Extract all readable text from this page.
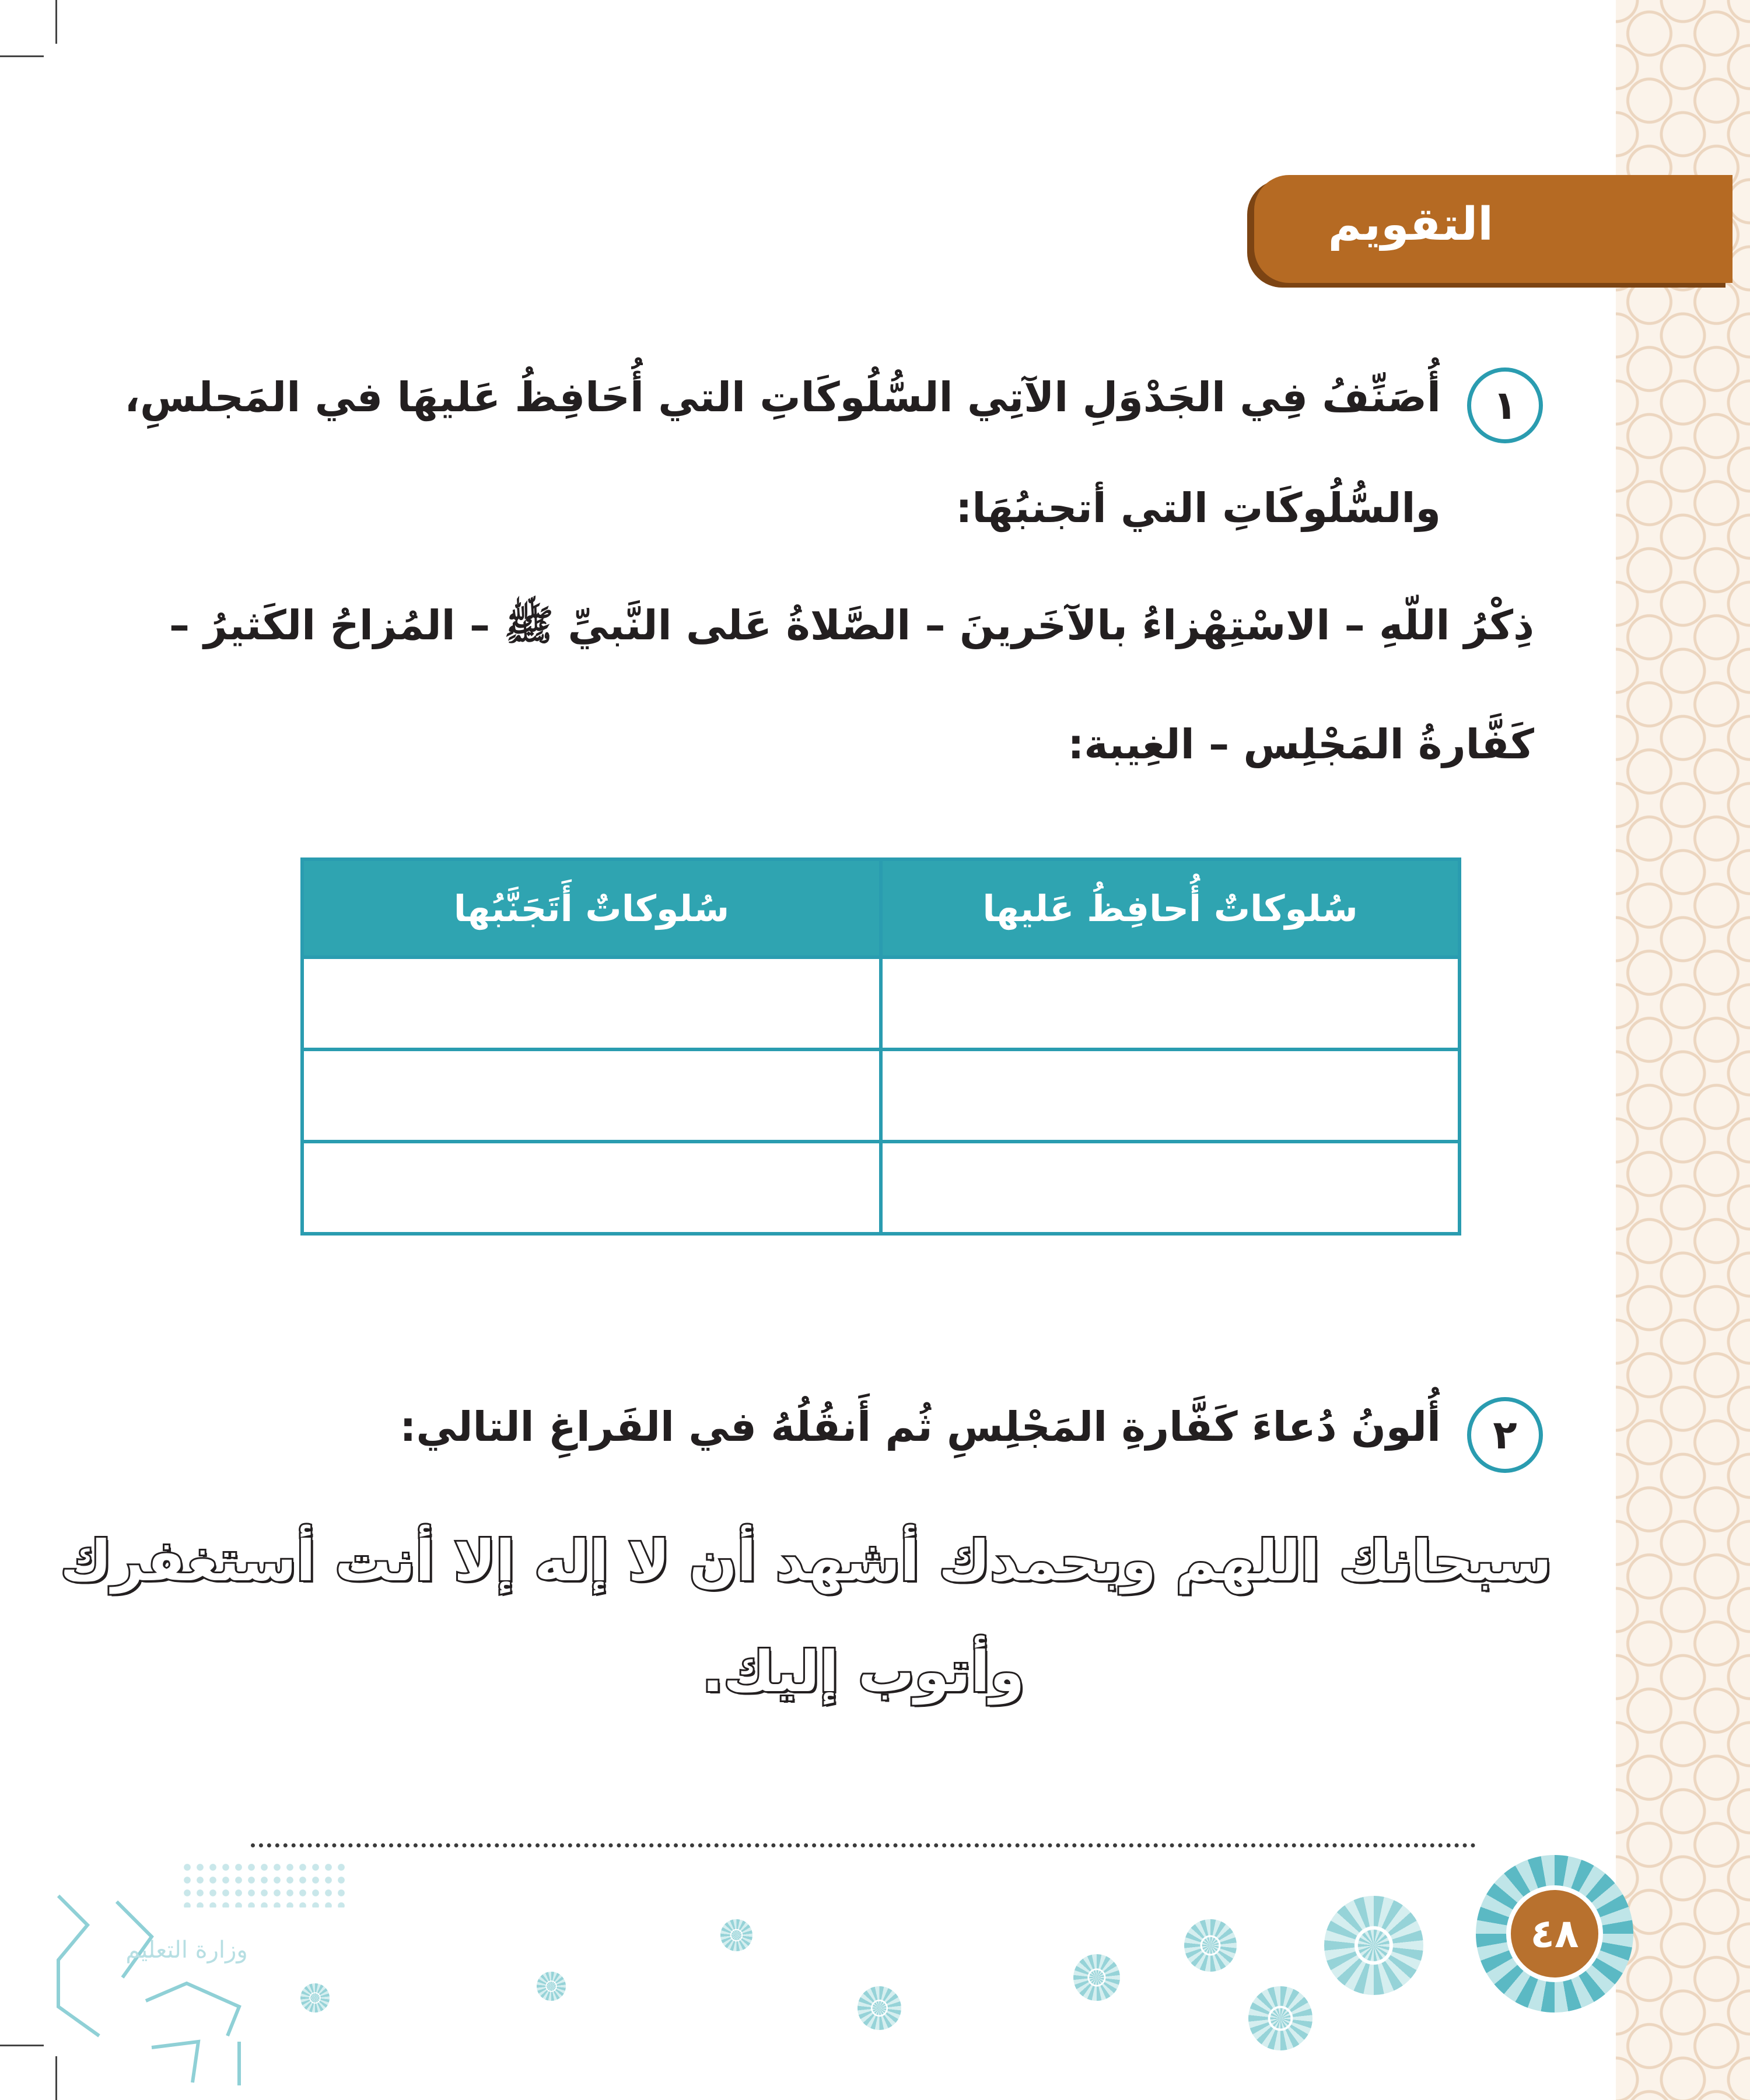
التقويم
١
أُصَنِّفُ فِي الجَدْوَلِ الآتِي السُّلُوكَاتِ التي أُحَافِظُ عَليهَا في المَجلسِ،
والسُّلُوكَاتِ التي أتجنبُهَا:
ذِكْرُ اللّهِ – الاسْتِهْزاءُ بالآخَرينَ – الصَّلاةُ عَلى النَّبيِّ ﷺ – المُزاحُ الكَثيرُ –
كَفَّارةُ المَجْلِس – الغِيبة:
سُلوكاتٌ أُحافِظُ عَليها	سُلوكاتٌ أَتَجَنَّبُها

٢
أُلونُ دُعاءَ كَفَّارةِ المَجْلِسِ ثُم أَنقُلُهُ في الفَراغِ التالي:
سبحانك اللهم وبحمدك أشهد أن لا إله إلا أنت أستغفرك
وأتوب إليك.
وزارة التعليم	٤٨
